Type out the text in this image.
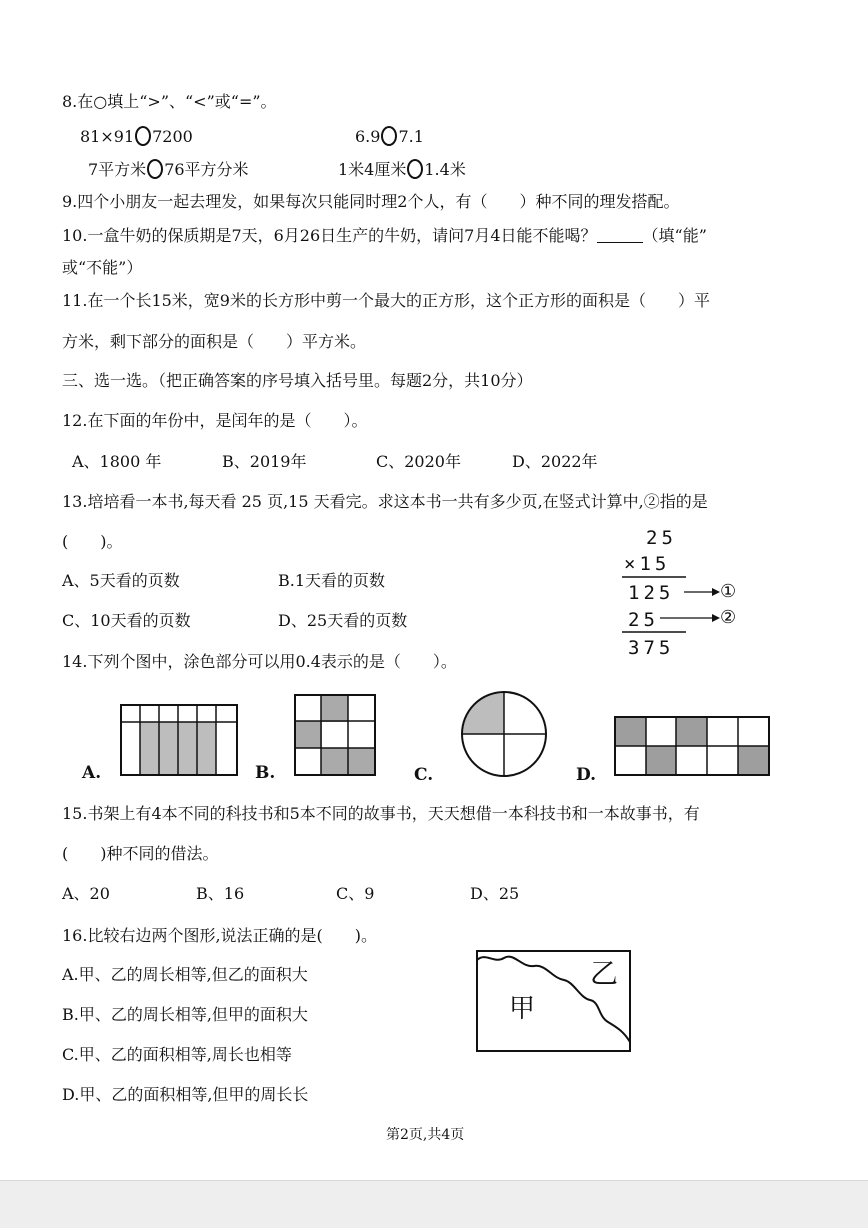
8.在○填上“>”、“<”或“=”。
81×91 7200	6.9 7.1
7平方米 76平方分米	1米4厘米 1.4米
9.四个小朋友一起去理发，如果每次只能同时理2个人，有（　　）种不同的理发搭配。
10.一盒牛奶的保质期是7天，6月26日生产的牛奶，请问7月4日能不能喝？	（填“能”
或“不能”）
11.在一个长15米，宽9米的长方形中剪一个最大的正方形，这个正方形的面积是（　　）平
方米，剩下部分的面积是（　　）平方米。
三、选一选。（把正确答案的序号填入括号里。每题2分，共10分）
12.在下面的年份中，是闰年的是（　　）。
A、1800 年	B、2019年	C、2020年	D、2022年
13.培培看一本书,每天看 25 页,15 天看完。求这本书一共有多少页,在竖式计算中,②指的是
(　　)。
A、5天看的页数	B.1天看的页数
C、10天看的页数	D、25天看的页数
25
×15
125
25
375
①
②
14.下列个图中，涂色部分可以用0.4表示的是（　　）。
A.	B.	C.	D.
15.书架上有4本不同的科技书和5本不同的故事书，天天想借一本科技书和一本故事书，有
(　　)种不同的借法。
A、20	B、16	C、9	D、25
16.比较右边两个图形,说法正确的是(　　)。
A.甲、乙的周长相等,但乙的面积大
B.甲、乙的周长相等,但甲的面积大
C.甲、乙的面积相等,周长也相等
D.甲、乙的面积相等,但甲的周长长
甲
乙
第2页,共4页
